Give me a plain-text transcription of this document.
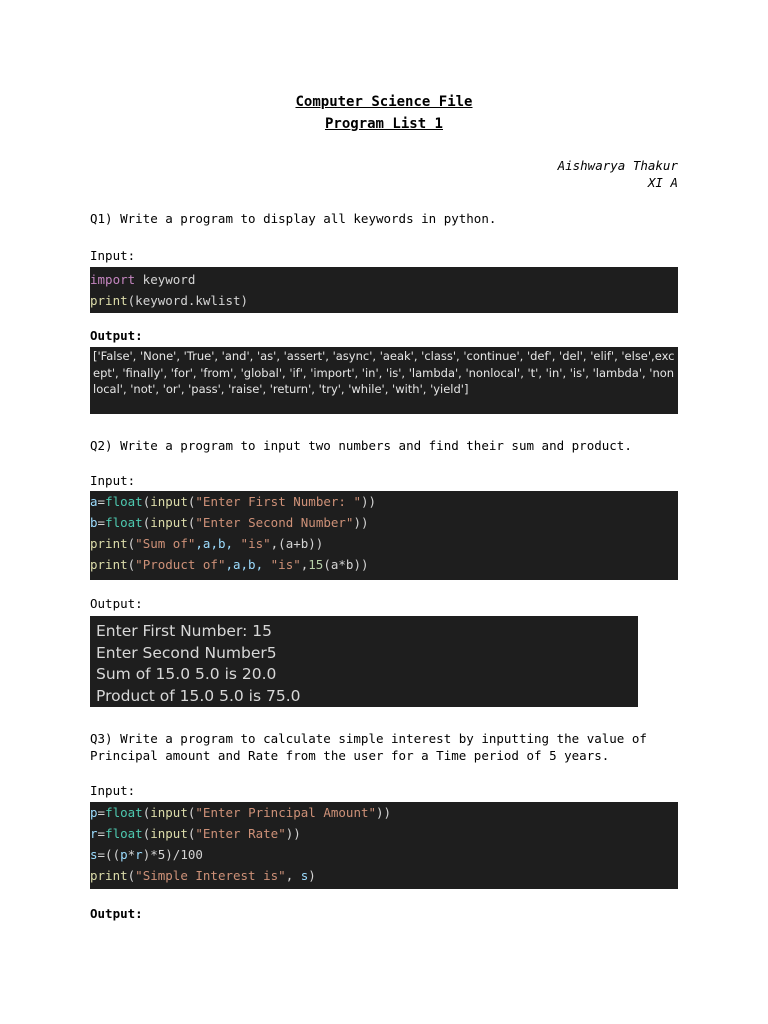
Computer Science File
Program List 1
Aishwarya Thakur
XI A
Q1) Write a program to display all keywords in python.
Input:
import keyword
print(keyword.kwlist)
Output:
['False', 'None', 'True', 'and', 'as', 'assert', 'async', 'aeak', 'class', 'continue', 'def', 'del', 'elif', 'else',except', 'finally', 'for', 'from', 'global', 'if', 'import', 'in', 'is', 'lambda', 'nonlocal', 't', 'in', 'is', 'lambda', 'nonlocal', 'not', 'or', 'pass', 'raise', 'return', 'try', 'while', 'with', 'yield']
Q2) Write a program to input two numbers and find their sum and product.
Input:
a=float(input("Enter First Number: "))
b=float(input("Enter Second Number"))
print("Sum of",a,b, "is",(a+b))
print("Product of",a,b, "is",15(a*b))
Output:
Enter First Number: 15
Enter Second Number5
Sum of 15.0 5.0 is 20.0
Product of 15.0 5.0 is 75.0
Q3) Write a program to calculate simple interest by inputting the value of Principal amount and Rate from the user for a Time period of 5 years.
Input:
p=float(input("Enter Principal Amount"))
r=float(input("Enter Rate"))
s=((p*r)*5)/100
print("Simple Interest is", s)
Output:
